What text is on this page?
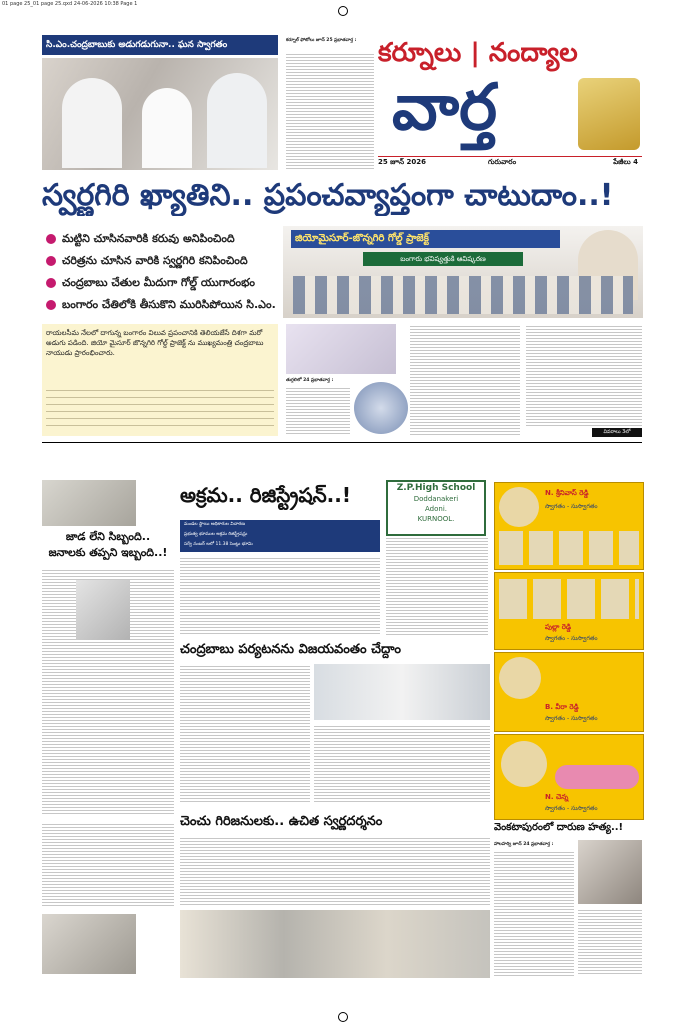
01 page 25_01 page 25.qxd 24-06-2026 10:38 Page 1
సి.ఎం.చంద్రబాబుకు అడుగడుగునా.. ఘన స్వాగతం	కర్నూల్ ఫోటోలు జూన్ 25 ప్రభాతవార్త : కర్నూలు | నంద్యాల
వార్త
25 జూన్ 2026	గురువారం	పేజీలు 4
స్వర్ణగిరి ఖ్యాతిని.. ప్రపంచవ్యాప్తంగా చాటుదాం..!
మట్టిని చూసినవారికి కరువు అనిపించింది
చరిత్రను చూసిన వారికి స్వర్ణగిరి కనిపించింది
చంద్రబాబు చేతుల మీదుగా గోల్డ్ యుగారంభం
బంగారం చేతిలోకి తీసుకొని మురిసిపోయిన సి.ఎం.
జియోమైసూర్-జొన్నగిరి గోల్డ్ ప్రాజెక్ట్
బంగారు భవిష్యత్తుకి ఆవిష్కరణ
రాయలసీమ నేలలో దాగున్న బంగారం విలువ ప్రపంచానికి తెలియజేసే దిశగా మరో అడుగు పడింది. జియో మైసూర్ జొన్నగిరి గోల్డ్ ప్రాజెక్ట్ ను ముఖ్యమంత్రి చంద్రబాబు నాయుడు ప్రారంభించారు.
తుగ్గలిలో 24 ప్రభాతవార్త :
వివరాలు 3లో
జాడ లేని సిబ్బంది..
జనాలకు తప్పని ఇబ్బంది..!
అక్రమ.. రిజిస్ట్రేషన్..!	Z.P.High School
Doddanakeri
Adoni.
KURNOOL.
మండల స్థాయి అధికారుల విచారణ
ప్రభుత్వ భూముల అక్రమ రిజిస్ట్రేషన్లు
సర్వే నంబర్ లలో 11.38 సెంట్లు భూమి
చంద్రబాబు పర్యటనను విజయవంతం చేద్దాం
చెంచు గిరిజనులకు.. ఉచిత స్వర్ణదర్శనం
N. శ్రీనివాస్ రెడ్డి
స్వాగతం - సుస్వాగతం
పుల్లా రెడ్డి
స్వాగతం - సుస్వాగతం
B. వీరా రెడ్డి
స్వాగతం - సుస్వాగతం
N. చెన్న
స్వాగతం - సుస్వాగతం
వెంకటాపురంలో దారుణ హత్య..!
హాలహర్వి జూన్ 24 ప్రభాతవార్త :
